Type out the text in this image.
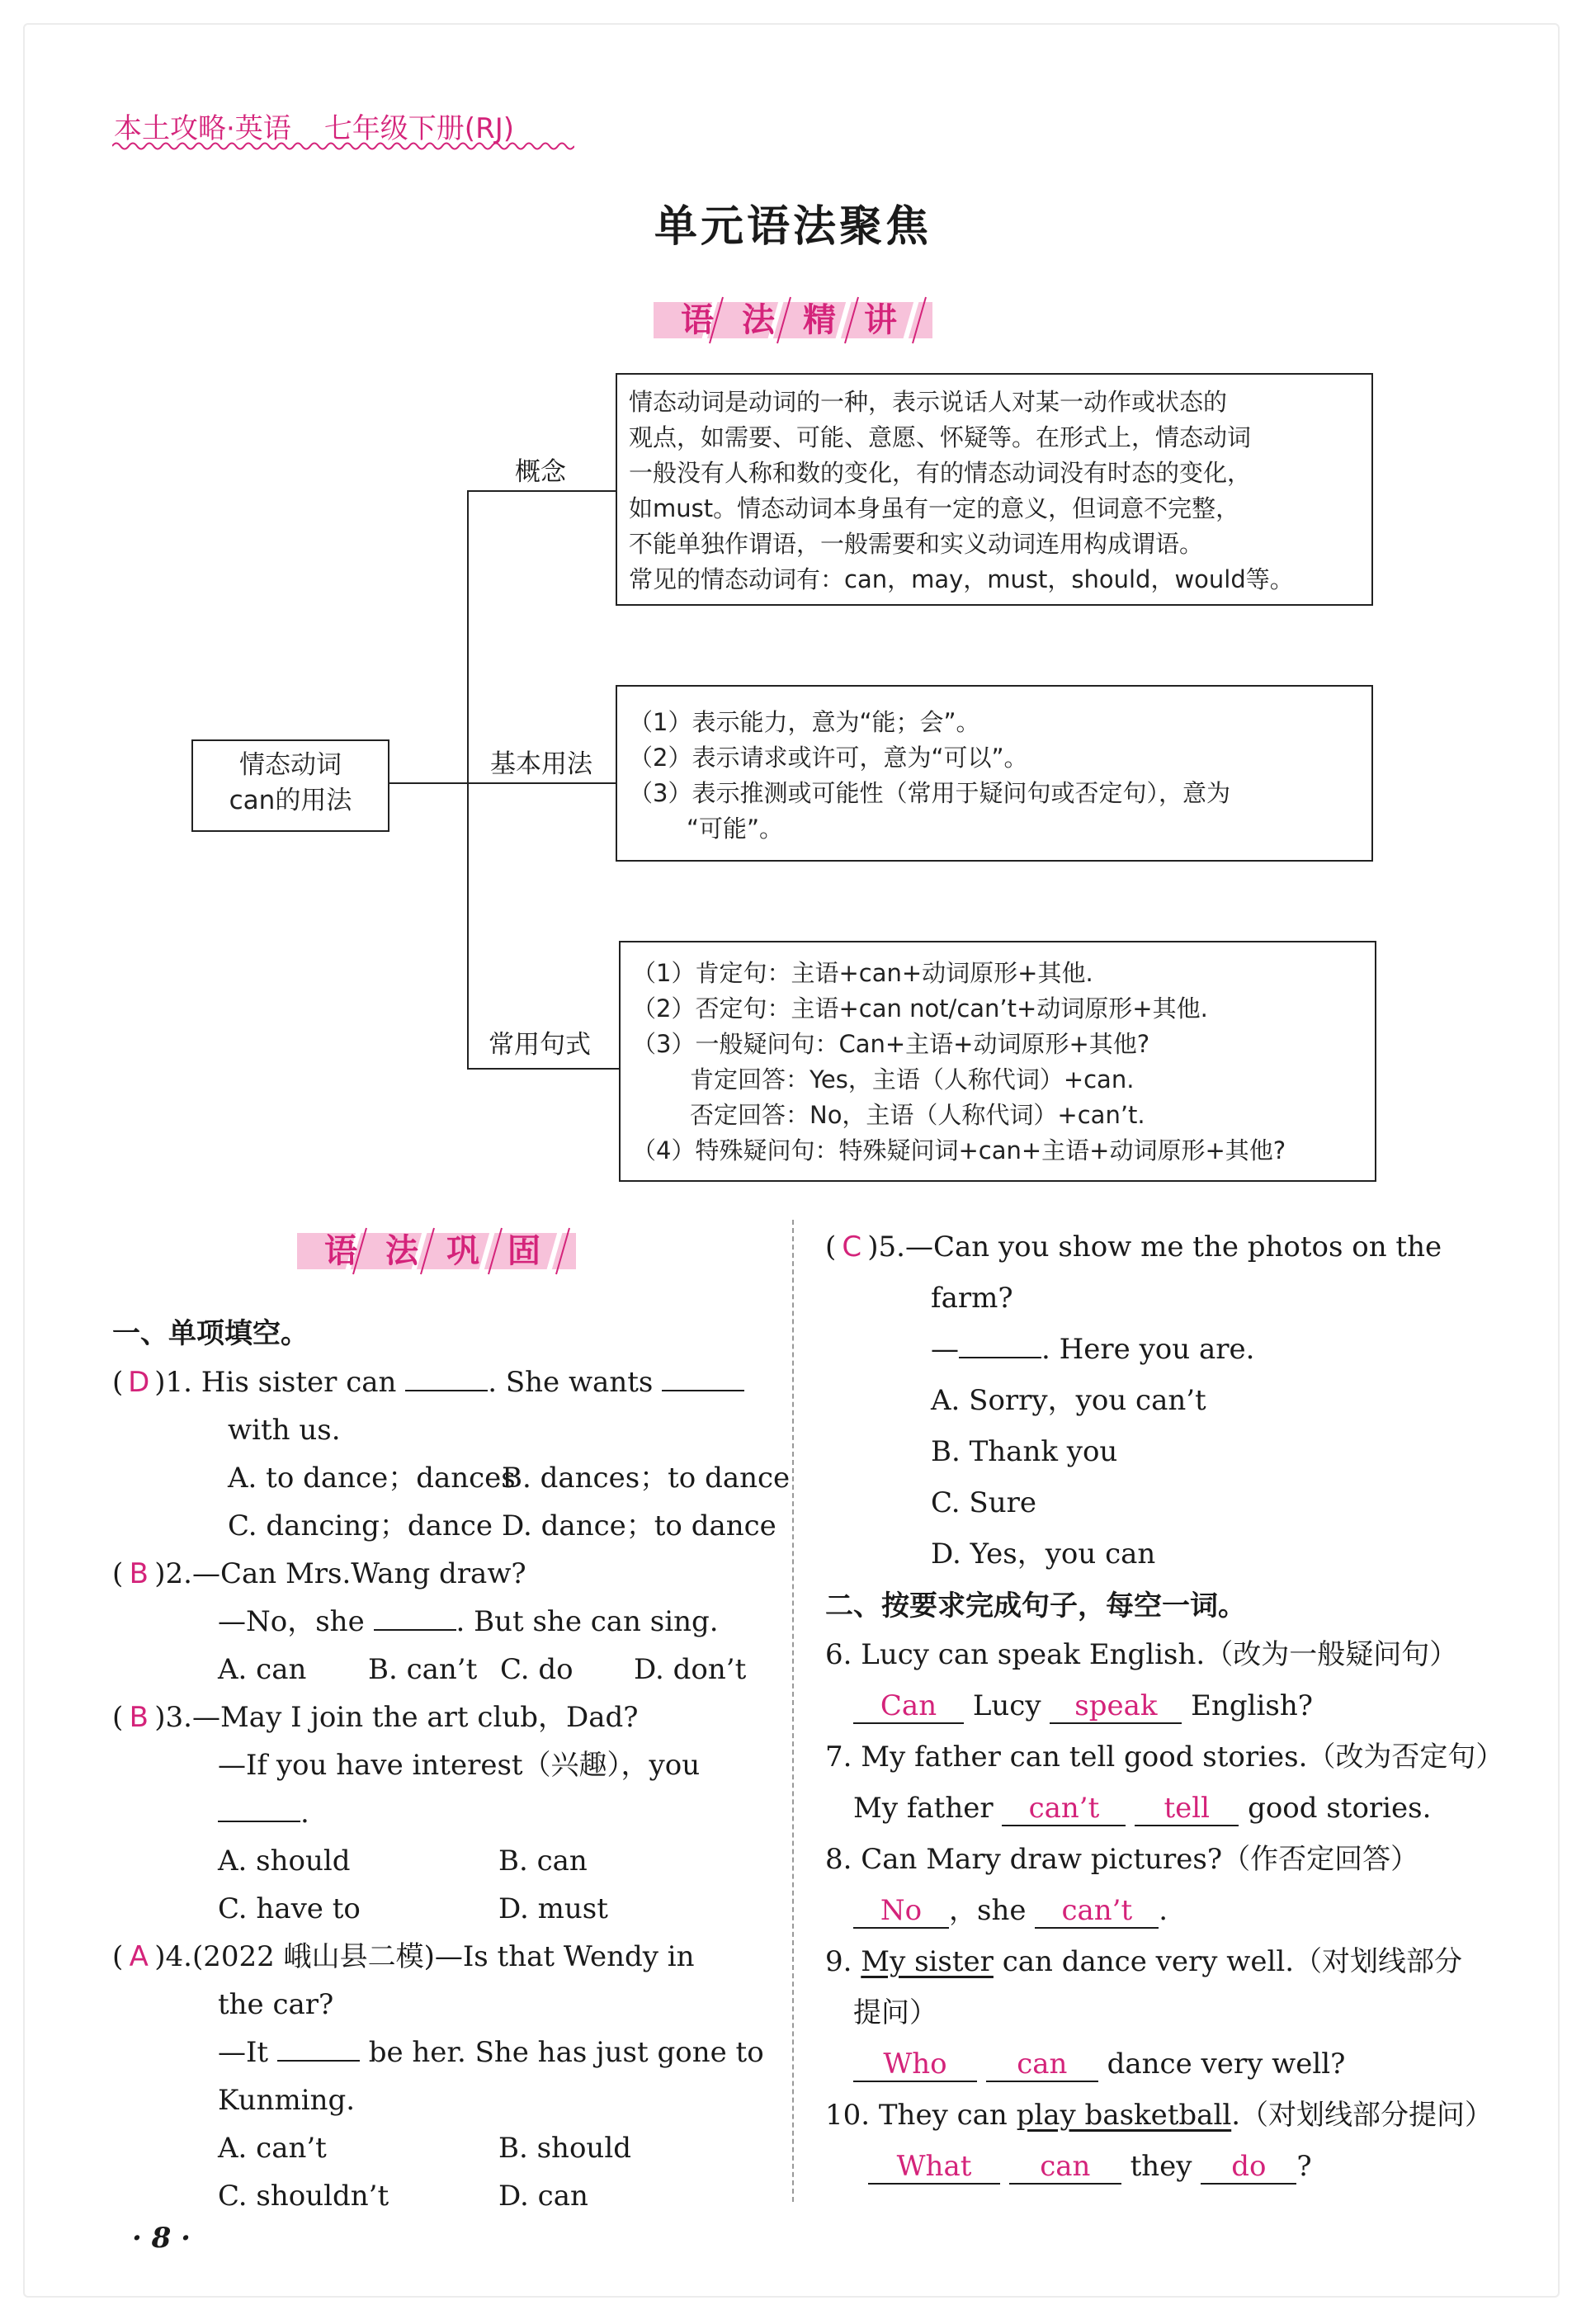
本土攻略·英语 七年级下册(RJ)
单元语法聚焦
语法精讲
情态动词
can的用法
概念
基本用法
常用句式
情态动词是动词的一种，表示说话人对某一动作或状态的
观点，如需要、可能、意愿、怀疑等。在形式上，情态动词
一般没有人称和数的变化，有的情态动词没有时态的变化，
如must。情态动词本身虽有一定的意义，但词意不完整，
不能单独作谓语，一般需要和实义动词连用构成谓语。
常见的情态动词有：can，may，must，should，would等。
（1）表示能力，意为“能；会”。
（2）表示请求或许可，意为“可以”。
（3）表示推测或可能性（常用于疑问句或否定句），意为
“可能”。
（1）肯定句：主语+can+动词原形+其他.
（2）否定句：主语+can not/can’t+动词原形+其他.
（3）一般疑问句：Can+主语+动词原形+其他?
肯定回答：Yes，主语（人称代词）+can.
否定回答：No，主语（人称代词）+can’t.
（4）特殊疑问句：特殊疑问词+can+主语+动词原形+其他?
语法巩固
一、单项填空。
( D )1. His sister can	. She wants
with us.
A. to dance；dances
B. dances；to dance
C. dancing；dance D. dance；to dance
( B )2.—Can Mrs.Wang draw?
—No，she	. But she can sing.
A. can B. can’t C. do D. don’t
( B )3.—May I join the art club，Dad?
—If you have interest（兴趣），you
.
A. should	B. can
C. have to	D. must
( A )4.(2022 峨山县二模)—Is that Wendy in
the car?
—It	be her. She has just gone to
Kunming.
A. can’t	B. should
C. shouldn’t	D. can
( C )5.—Can you show me the photos on the
farm?
—	. Here you are.
A. Sorry，you can’t
B. Thank you
C. Sure
D. Yes，you can
二、按要求完成句子，每空一词。
6. Lucy can speak English.（改为一般疑问句）
Can Lucy speak English?
7. My father can tell good stories.（改为否定句）
My father can’t tell good stories.
8. Can Mary draw pictures?（作否定回答）
No ，she can’t .
9. My sister can dance very well.（对划线部分
提问）
Who can dance very well?
10. They can play basketball.（对划线部分提问）
What can they do ?
· 8 ·
